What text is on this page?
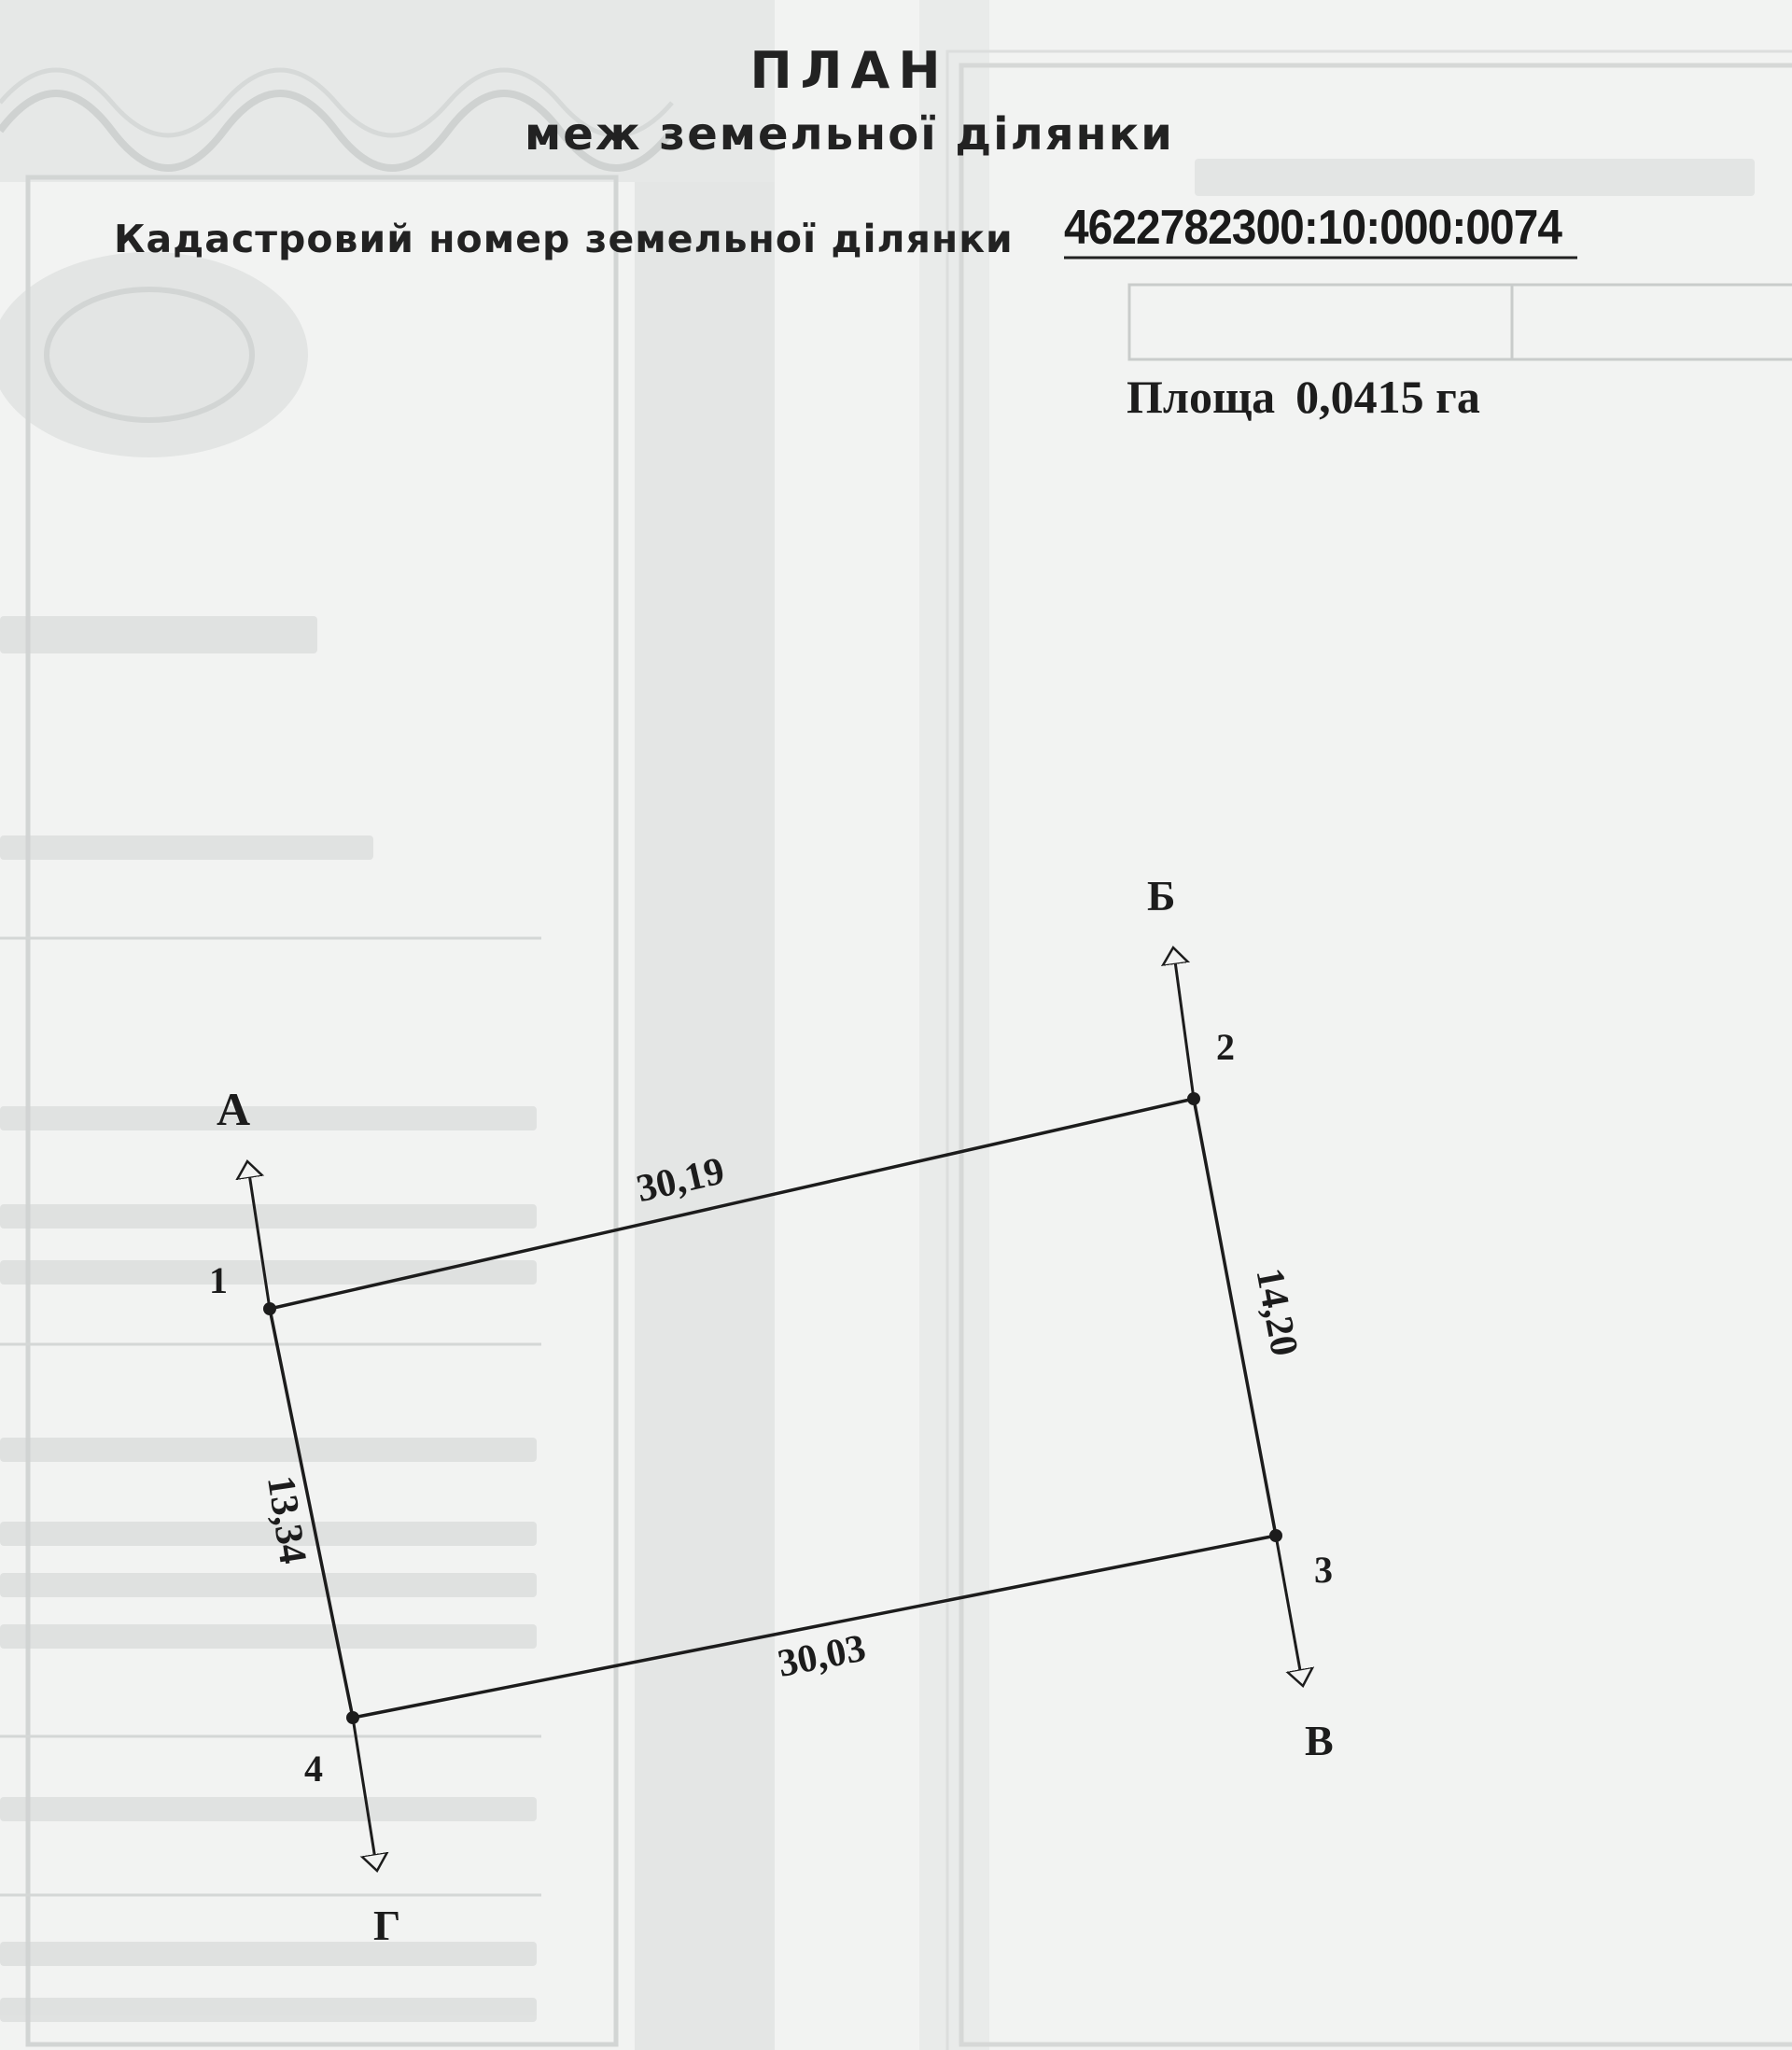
ПЛАН
меж земельної ділянки
Кадастровий номер земельної ділянки 4622782300:10:000:0074
Площа 0,0415 га
А
Б
В
Г
1
2
3
4
30,19
14,20
30,03
13,34
